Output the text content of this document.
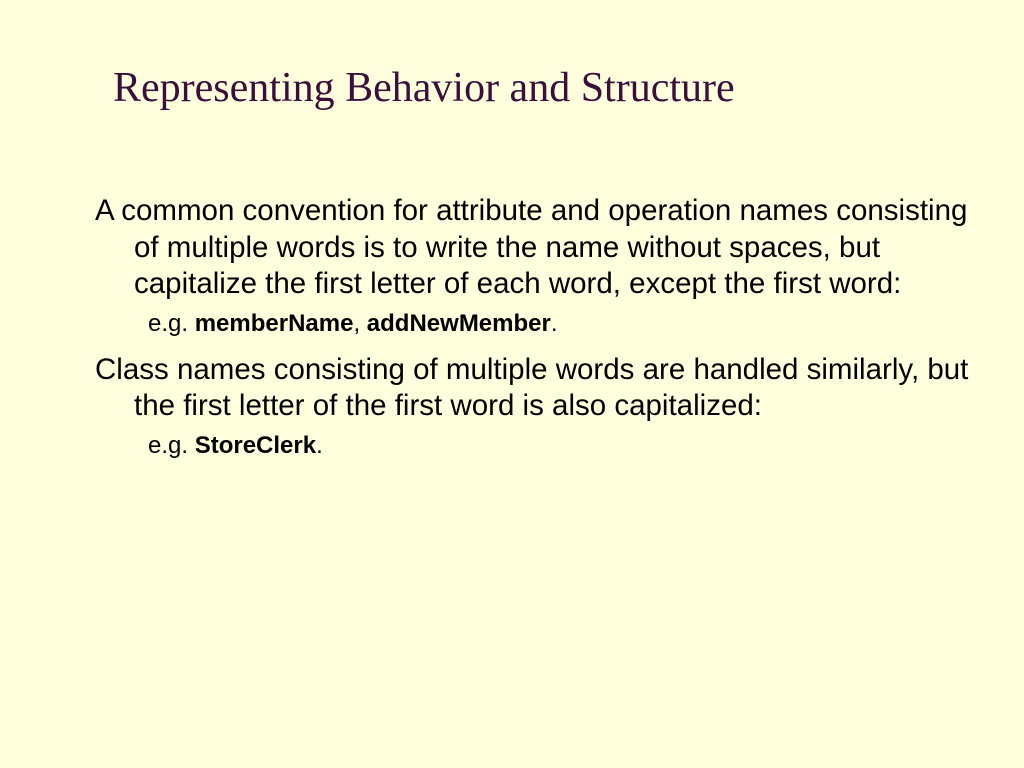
Representing Behavior and Structure

A common convention for attribute and operation names consisting of multiple words is to write the name without spaces, but capitalize the first letter of each word, except the first word:

e.g. memberName, addNewMember.

Class names consisting of multiple words are handled similarly, but the first letter of the first word is also capitalized:

e.g. StoreClerk.
